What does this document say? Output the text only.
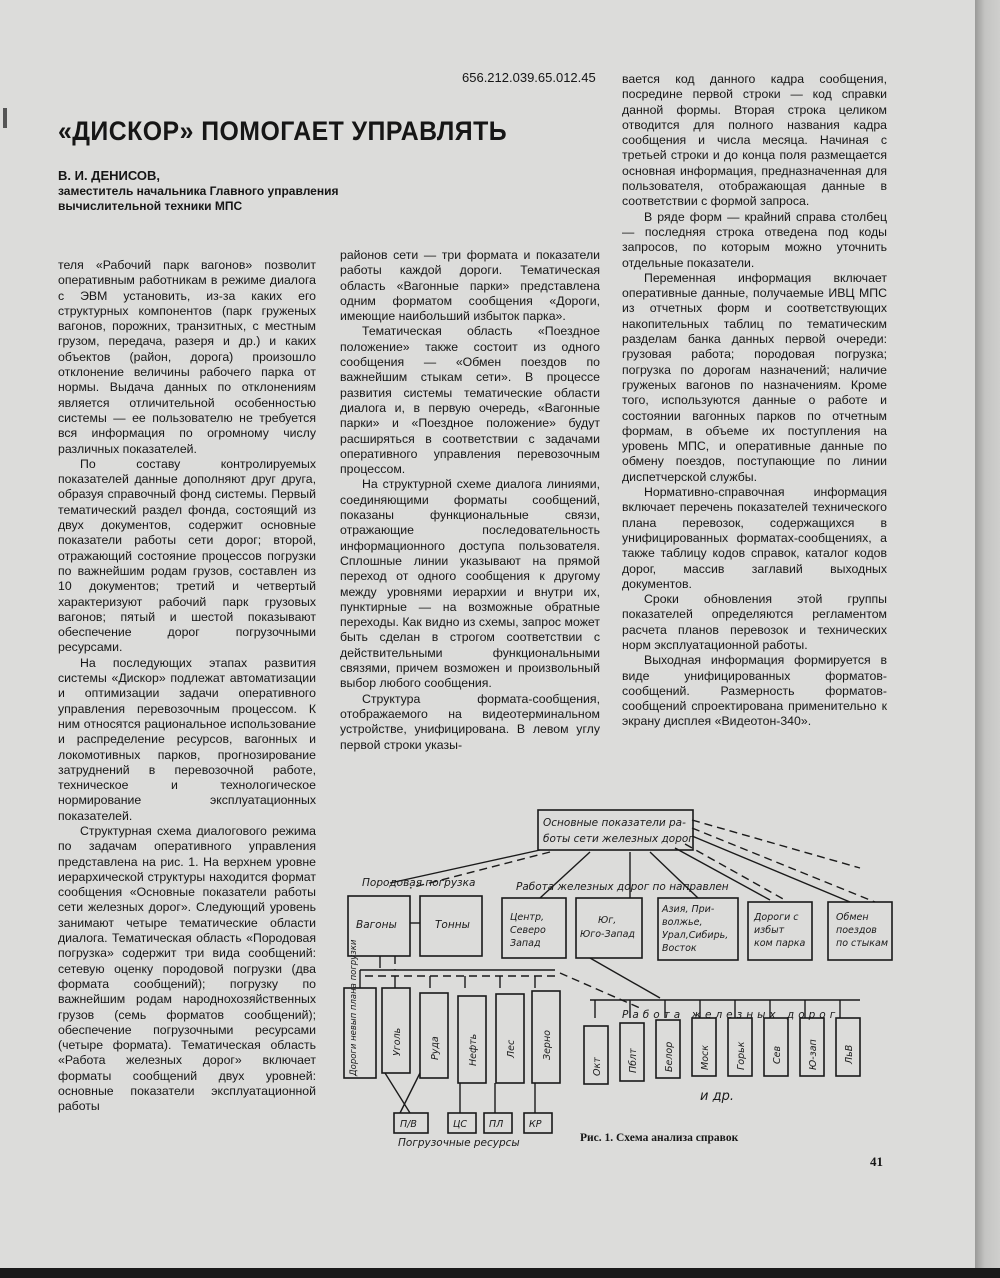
656.212.039.65.012.45
«ДИСКОР» ПОМОГАЕТ УПРАВЛЯТЬ
В. И. ДЕНИСОВ,
заместитель начальника Главного управления вычислительной техники МПС

теля «Рабочий парк вагонов» позволит оперативным работникам в режиме диалога с ЭВМ установить, из-за каких его структурных компонентов (парк груженых вагонов, порожних, транзитных, с местным грузом, передача, разеря и др.) и каких объектов (район, дорога) произошло отклонение величины рабочего парка от нормы. Выдача данных по отклонениям является отличительной особенностью системы — ее пользователю не требуется вся информация по огромному числу различных показателей.

По составу контролируемых показателей данные дополняют друг друга, образуя справочный фонд системы. Первый тематический раздел фонда, состоящий из двух документов, содержит основные показатели работы сети дорог; второй, отражающий состояние процессов погрузки по важнейшим родам грузов, составлен из 10 документов; третий и четвертый характеризуют рабочий парк грузовых вагонов; пятый и шестой показывают обеспечение дорог погрузочными ресурсами.

На последующих этапах развития системы «Дискор» подлежат автоматизации и оптимизации задачи оперативного управления перевозочным процессом. К ним относятся рациональное использование и распределение ресурсов, вагонных и локомотивных парков, прогнозирование затруднений в перевозочной работе, техническое и технологическое нормирование эксплуатационных показателей.

Структурная схема диалогового режима по задачам оперативного управления представлена на рис. 1. На верхнем уровне иерархической структуры находится формат сообщения «Основные показатели работы сети железных дорог». Следующий уровень занимают четыре тематические области диалога. Тематическая область «Породовая погрузка» содержит три вида сообщений: сетевую оценку породовой погрузки (два формата сообщений); погрузку по важнейшим родам народнохозяйственных грузов (семь форматов сообщений); обеспечение погрузочными ресурсами (четыре формата). Тематическая область «Работа железных дорог» включает форматы сообщений двух уровней: основные показатели эксплуатационной работы

районов сети — три формата и показатели работы каждой дороги. Тематическая область «Вагонные парки» представлена одним форматом сообщения «Дороги, имеющие наибольший избыток парка».

Тематическая область «Поездное положение» также состоит из одного сообщения — «Обмен поездов по важнейшим стыкам сети». В процессе развития системы тематические области диалога и, в первую очередь, «Вагонные парки» и «Поездное положение» будут расширяться в соответствии с задачами оперативного управления перевозочным процессом.

На структурной схеме диалога линиями, соединяющими форматы сообщений, показаны функциональные связи, отражающие последовательность информационного доступа пользователя. Сплошные линии указывают на прямой переход от одного сообщения к другому между уровнями иерархии и внутри их, пунктирные — на возможные обратные переходы. Как видно из схемы, запрос может быть сделан в строгом соответствии с действительными функциональными связями, причем возможен и произвольный выбор любого сообщения.

Структура формата-сообщения, отображаемого на видеотерминальном устройстве, унифицирована. В левом углу первой строки указы-

вается код данного кадра сообщения, посредине первой строки — код справки данной формы. Вторая строка целиком отводится для полного названия кадра сообщения и числа месяца. Начиная с третьей строки и до конца поля размещается основная информация, предназначенная для пользователя, отображающая данные в соответствии с формой запроса.

В ряде форм — крайний справа столбец — последняя строка отведена под коды запросов, по которым можно уточнить отдельные показатели.

Переменная информация включает оперативные данные, получаемые ИВЦ МПС из отчетных форм и соответствующих накопительных таблиц по тематическим разделам банка данных первой очереди: грузовая работа; породовая погрузка; погрузка по дорогам назначений; наличие груженых вагонов по назначениям. Кроме того, используются данные о работе и состоянии вагонных парков по отчетным формам, в объеме их поступления на уровень МПС, и оперативные данные по обмену поездов, поступающие по линии диспетчерской службы.

Нормативно-справочная информация включает перечень показателей технического плана перевозок, содержащихся в унифицированных форматах-сообщениях, а также таблицу кодов справок, каталог кодов дорог, массив заглавий выходных документов.

Сроки обновления этой группы показателей определяются регламентом расчета планов перевозок и технических норм эксплуатационной работы.

Выходная информация формируется в виде унифицированных форматов-сообщений. Размерность форматов-сообщений спроектирована применительно к экрану дисплея «Видеотон-340».

Основные показатели ра-
боты сети железных дорог
Породовая погрузка	Работа железных дорог по направлен
Работа железных дорог
Погрузочные ресурсы
и др.
Вагоны	Тонны
Центр,
Северо
Запад
Юг,
Юго-Запад
Азия, При-
волжье,
Урал,Сибирь,
Восток
Дороги с
избыт
ком парка
Обмен
поездов
по стыкам
Дороги невып плана погрузки	Уголь	Руда	Нефть	Лес	Зерно
П/В	ЦС ПЛ	КР
Окт	Пблт	Белор	Моск	Горьк	Сев	Ю-зап	ЛьВ
Рис. 1. Схема анализа справок
41
